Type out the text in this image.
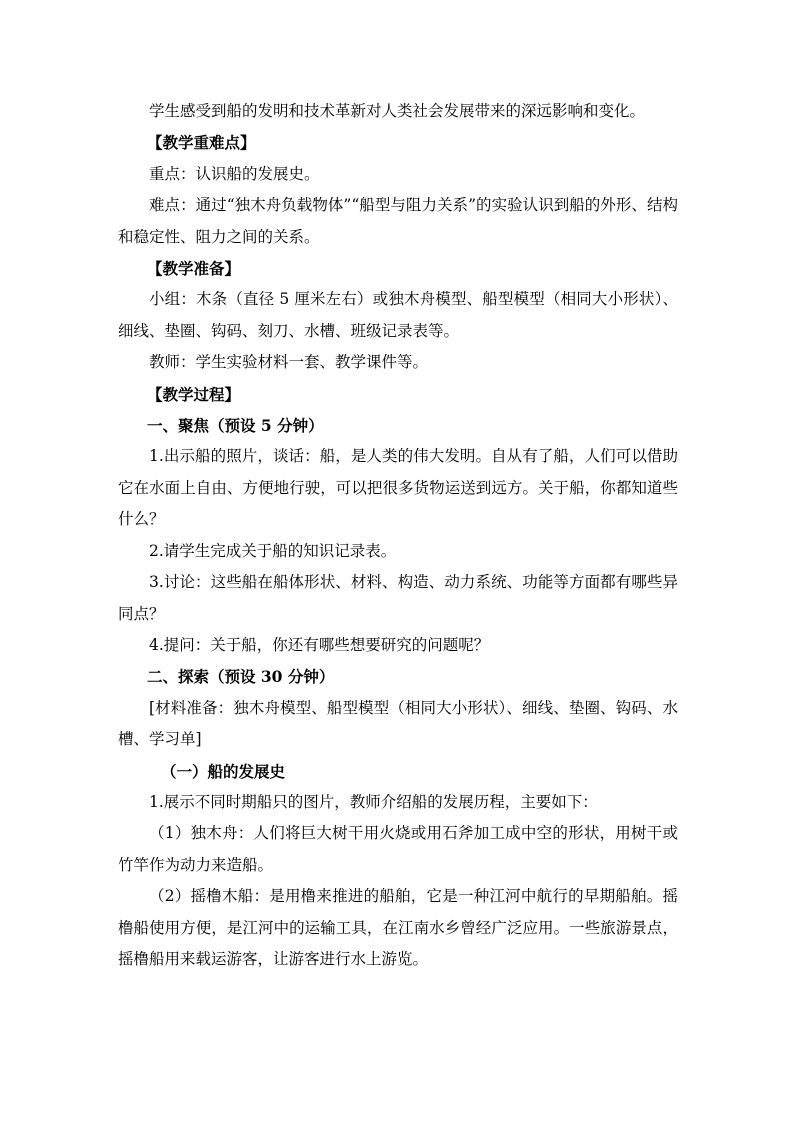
学生感受到船的发明和技术革新对人类社会发展带来的深远影响和变化。

【教学重难点】

重点：认识船的发展史。

难点：通过“独木舟负载物体”“船型与阻力关系”的实验认识到船的外形、结构和稳定性、阻力之间的关系。

【教学准备】

小组：木条（直径 5 厘米左右）或独木舟模型、船型模型（相同大小形状）、细线、垫圈、钩码、刻刀、水槽、班级记录表等。

教师：学生实验材料一套、教学课件等。

【教学过程】

一、聚焦（预设 5 分钟）

1.出示船的照片，谈话：船，是人类的伟大发明。自从有了船，人们可以借助它在水面上自由、方便地行驶，可以把很多货物运送到远方。关于船，你都知道些什么？

2.请学生完成关于船的知识记录表。

3.讨论：这些船在船体形状、材料、构造、动力系统、功能等方面都有哪些异同点？

4.提问：关于船，你还有哪些想要研究的问题呢？

二、探索（预设 30 分钟）

[材料准备：独木舟模型、船型模型（相同大小形状）、细线、垫圈、钩码、水槽、学习单]

（一）船的发展史

1.展示不同时期船只的图片，教师介绍船的发展历程，主要如下：

（1）独木舟：人们将巨大树干用火烧或用石斧加工成中空的形状，用树干或竹竿作为动力来造船。

（2）摇橹木船：是用橹来推进的船舶，它是一种江河中航行的早期船舶。摇橹船使用方便，是江河中的运输工具，在江南水乡曾经广泛应用。一些旅游景点，摇橹船用来载运游客，让游客进行水上游览。
